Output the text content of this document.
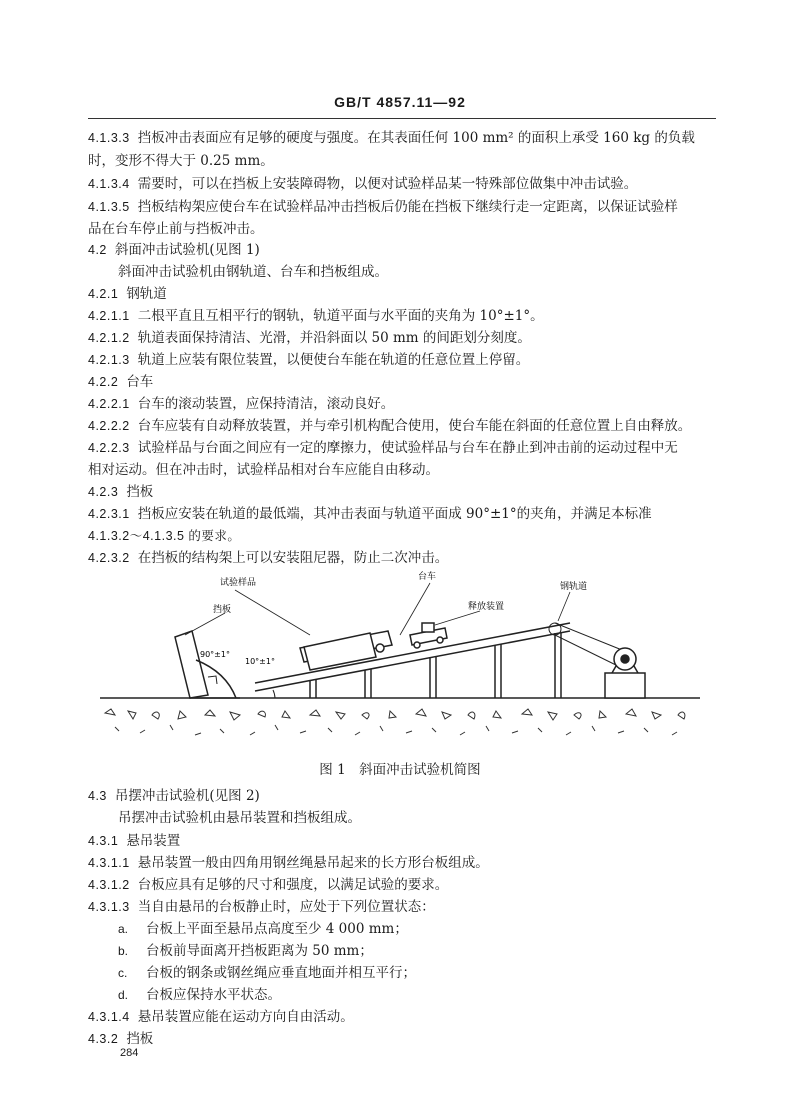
GB/T 4857.11—92
4.1.3.3 挡板冲击表面应有足够的硬度与强度。在其表面任何 100 mm² 的面积上承受 160 kg 的负载
时，变形不得大于 0.25 mm。
4.1.3.4 需要时，可以在挡板上安装障碍物，以便对试验样品某一特殊部位做集中冲击试验。
4.1.3.5 挡板结构架应使台车在试验样品冲击挡板后仍能在挡板下继续行走一定距离，以保证试验样
品在台车停止前与挡板冲击。
4.2 斜面冲击试验机(见图 1)
斜面冲击试验机由钢轨道、台车和挡板组成。
4.2.1 钢轨道
4.2.1.1 二根平直且互相平行的钢轨，轨道平面与水平面的夹角为 10°±1°。
4.2.1.2 轨道表面保持清洁、光滑，并沿斜面以 50 mm 的间距划分刻度。
4.2.1.3 轨道上应装有限位装置，以便使台车能在轨道的任意位置上停留。
4.2.2 台车
4.2.2.1 台车的滚动装置，应保持清洁，滚动良好。
4.2.2.2 台车应装有自动释放装置，并与牵引机构配合使用，使台车能在斜面的任意位置上自由释放。
4.2.2.3 试验样品与台面之间应有一定的摩擦力，使试验样品与台车在静止到冲击前的运动过程中无
相对运动。但在冲击时，试验样品相对台车应能自由移动。
4.2.3 挡板
4.2.3.1 挡板应安装在轨道的最低端，其冲击表面与轨道平面成 90°±1°的夹角，并满足本标准
4.1.3.2～4.1.3.5 的要求。
4.2.3.2 在挡板的结构架上可以安装阻尼器，防止二次冲击。
试验样品
台车
钢轨道
释放装置
挡板
90°±1°
10°±1°
图 1　斜面冲击试验机简图
4.3 吊摆冲击试验机(见图 2)
吊摆冲击试验机由悬吊装置和挡板组成。
4.3.1 悬吊装置
4.3.1.1 悬吊装置一般由四角用钢丝绳悬吊起来的长方形台板组成。
4.3.1.2 台板应具有足够的尺寸和强度，以满足试验的要求。
4.3.1.3 当自由悬吊的台板静止时，应处于下列位置状态：
a. 台板上平面至悬吊点高度至少 4 000 mm；
b. 台板前导面离开挡板距离为 50 mm；
c. 台板的钢条或钢丝绳应垂直地面并相互平行；
d. 台板应保持水平状态。
4.3.1.4 悬吊装置应能在运动方向自由活动。
4.3.2 挡板
284
